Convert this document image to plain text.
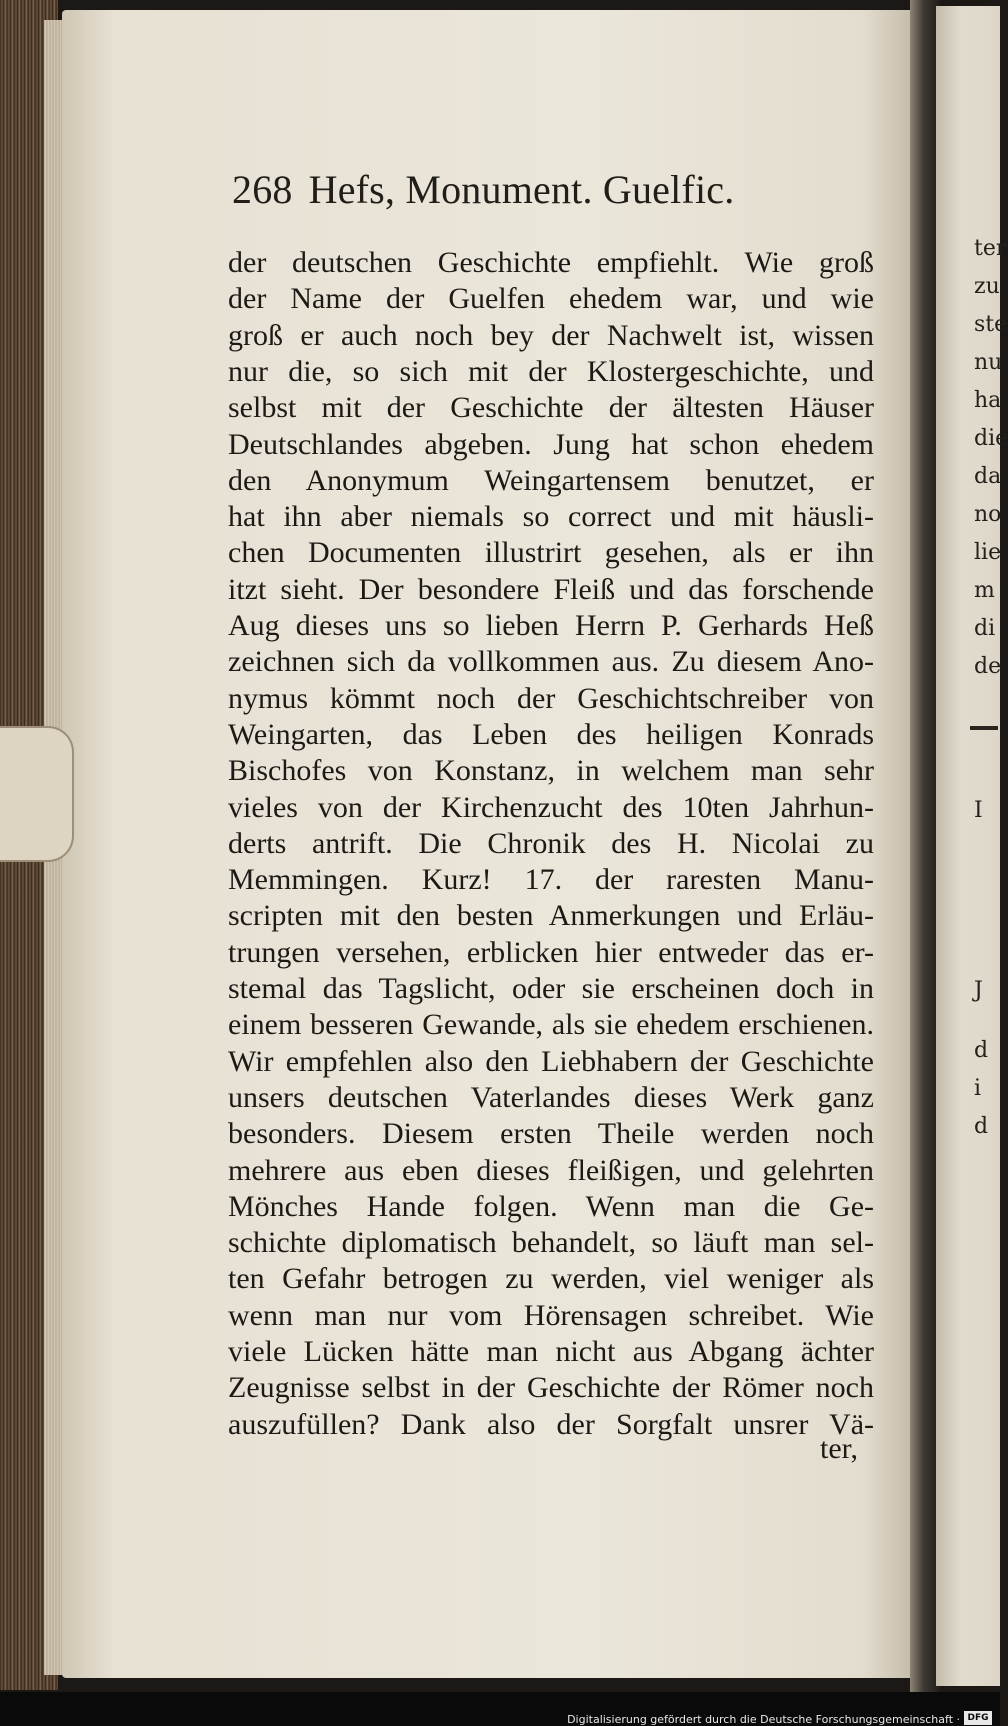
268 Hefs, Monument. Guelfic.
der deutschen Geschichte empfiehlt. Wie groß
der Name der Guelfen ehedem war, und wie
groß er auch noch bey der Nachwelt ist, wissen
nur die, so sich mit der Klostergeschichte, und
selbst mit der Geschichte der ältesten Häuser
Deutschlandes abgeben. Jung hat schon ehedem
den Anonymum Weingartensem benutzet, er
hat ihn aber niemals so correct und mit häusli-
chen Documenten illustrirt gesehen, als er ihn
itzt sieht. Der besondere Fleiß und das forschende
Aug dieses uns so lieben Herrn P. Gerhards Heß
zeichnen sich da vollkommen aus. Zu diesem Ano-
nymus kömmt noch der Geschichtschreiber von
Weingarten, das Leben des heiligen Konrads
Bischofes von Konstanz, in welchem man sehr
vieles von der Kirchenzucht des 10ten Jahrhun-
derts antrift. Die Chronik des H. Nicolai zu
Memmingen. Kurz! 17. der raresten Manu-
scripten mit den besten Anmerkungen und Erläu-
trungen versehen, erblicken hier entweder das er-
stemal das Tagslicht, oder sie erscheinen doch in
einem besseren Gewande, als sie ehedem erschienen.
Wir empfehlen also den Liebhabern der Geschichte
unsers deutschen Vaterlandes dieses Werk ganz
besonders. Diesem ersten Theile werden noch
mehrere aus eben dieses fleißigen, und gelehrten
Mönches Hande folgen. Wenn man die Ge-
schichte diplomatisch behandelt, so läuft man sel-
ten Gefahr betrogen zu werden, viel weniger als
wenn man nur vom Hörensagen schreibet. Wie
viele Lücken hätte man nicht aus Abgang ächter
Zeugnisse selbst in der Geschichte der Römer noch
auszufüllen? Dank also der Sorgfalt unsrer Vä-
ter,
ter
zu
ste
nu
ha
die
da
no
lie
m
di
de
I
J
d
i
d
Digitalisierung gefördert durch die Deutsche Forschungsgemeinschaft · DFG
